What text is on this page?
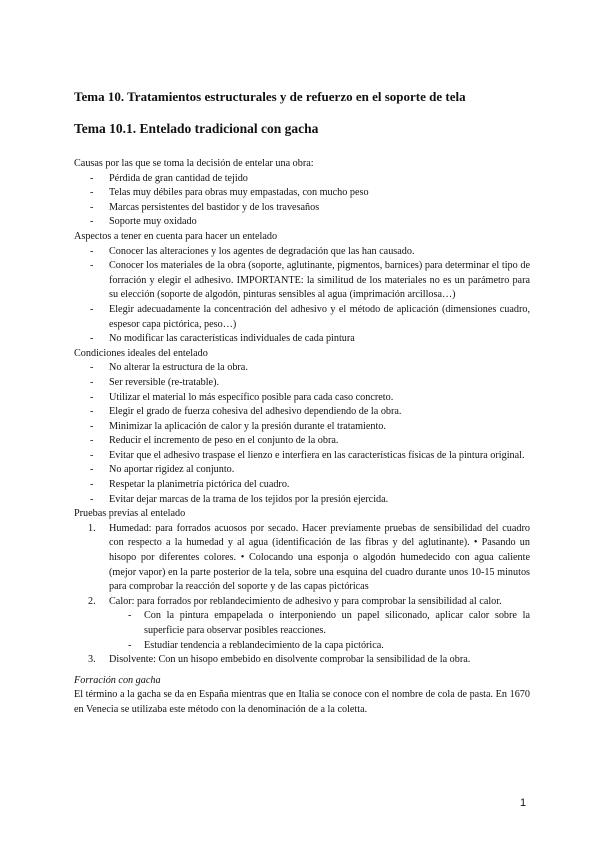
Tema 10. Tratamientos estructurales y de refuerzo en el soporte de tela
Tema 10.1. Entelado tradicional con gacha

Causas por las que se toma la decisión de entelar una obra:

- Pérdida de gran cantidad de tejido
- Telas muy débiles para obras muy empastadas, con mucho peso
- Marcas persistentes del bastidor y de los travesaños
- Soporte muy oxidado

Aspectos a tener en cuenta para hacer un entelado

- Conocer las alteraciones y los agentes de degradación que las han causado.
- Conocer los materiales de la obra (soporte, aglutinante, pigmentos, barnices) para determinar el tipo de forración y elegir el adhesivo. IMPORTANTE: la similitud de los materiales no es un parámetro para su elección (soporte de algodón, pinturas sensibles al agua (imprimación arcillosa…)
- Elegir adecuadamente la concentración del adhesivo y el método de aplicación (dimensiones cuadro, espesor capa pictórica, peso…)
- No modificar las características individuales de cada pintura

Condiciones ideales del entelado

- No alterar la estructura de la obra.
- Ser reversible (re-tratable).
- Utilizar el material lo más específico posible para cada caso concreto.
- Elegir el grado de fuerza cohesiva del adhesivo dependiendo de la obra.
- Minimizar la aplicación de calor y la presión durante el tratamiento.
- Reducir el incremento de peso en el conjunto de la obra.
- Evitar que el adhesivo traspase el lienzo e interfiera en las características físicas de la pintura original.
- No aportar rigidez al conjunto.
- Respetar la planimetría pictórica del cuadro.
- Evitar dejar marcas de la trama de los tejidos por la presión ejercida.

Pruebas previas al entelado

1. Humedad: para forrados acuosos por secado. Hacer previamente pruebas de sensibilidad del cuadro con respecto a la humedad y al agua (identificación de las fibras y del aglutinante). • Pasando un hisopo por diferentes colores. • Colocando una esponja o algodón humedecido con agua caliente (mejor vapor) en la parte posterior de la tela, sobre una esquina del cuadro durante unos 10-15 minutos para comprobar la reacción del soporte y de las capas pictóricas
2. Calor: para forrados por reblandecimiento de adhesivo y para comprobar la sensibilidad al calor.
- Con la pintura empapelada o interponiendo un papel siliconado, aplicar calor sobre la superficie para observar posibles reacciones.
- Estudiar tendencia a reblandecimiento de la capa pictórica.
3. Disolvente: Con un hisopo embebido en disolvente comprobar la sensibilidad de la obra.

Forración con gacha

El término a la gacha se da en España mientras que en Italia se conoce con el nombre de cola de pasta. En 1670 en Venecia se utilizaba este método con la denominación de a la coletta.

1
